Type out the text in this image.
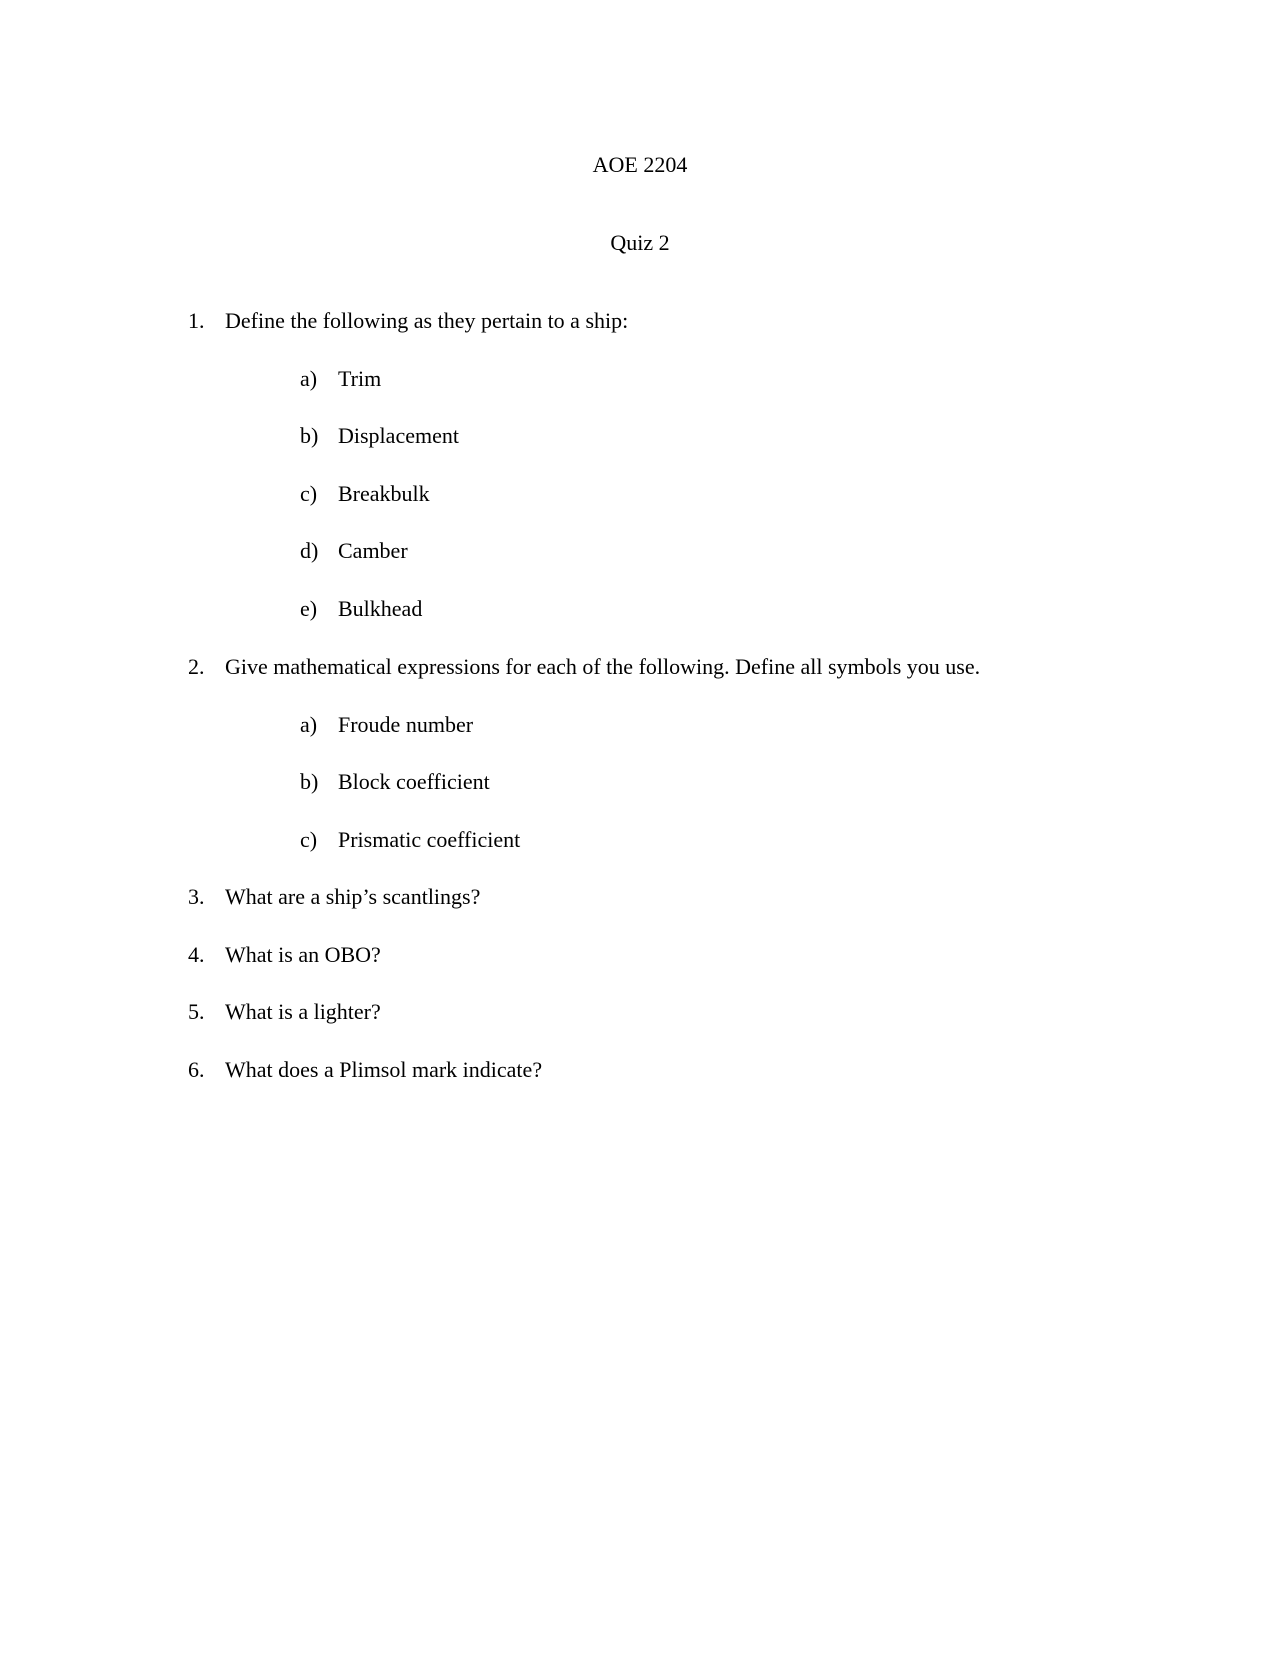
AOE 2204
Quiz 2
1. Define the following as they pertain to a ship:
a) Trim
b) Displacement
c) Breakbulk
d) Camber
e) Bulkhead
2. Give mathematical expressions for each of the following. Define all symbols you use.
a) Froude number
b) Block coefficient
c) Prismatic coefficient
3. What are a ship’s scantlings?
4. What is an OBO?
5. What is a lighter?
6. What does a Plimsol mark indicate?
